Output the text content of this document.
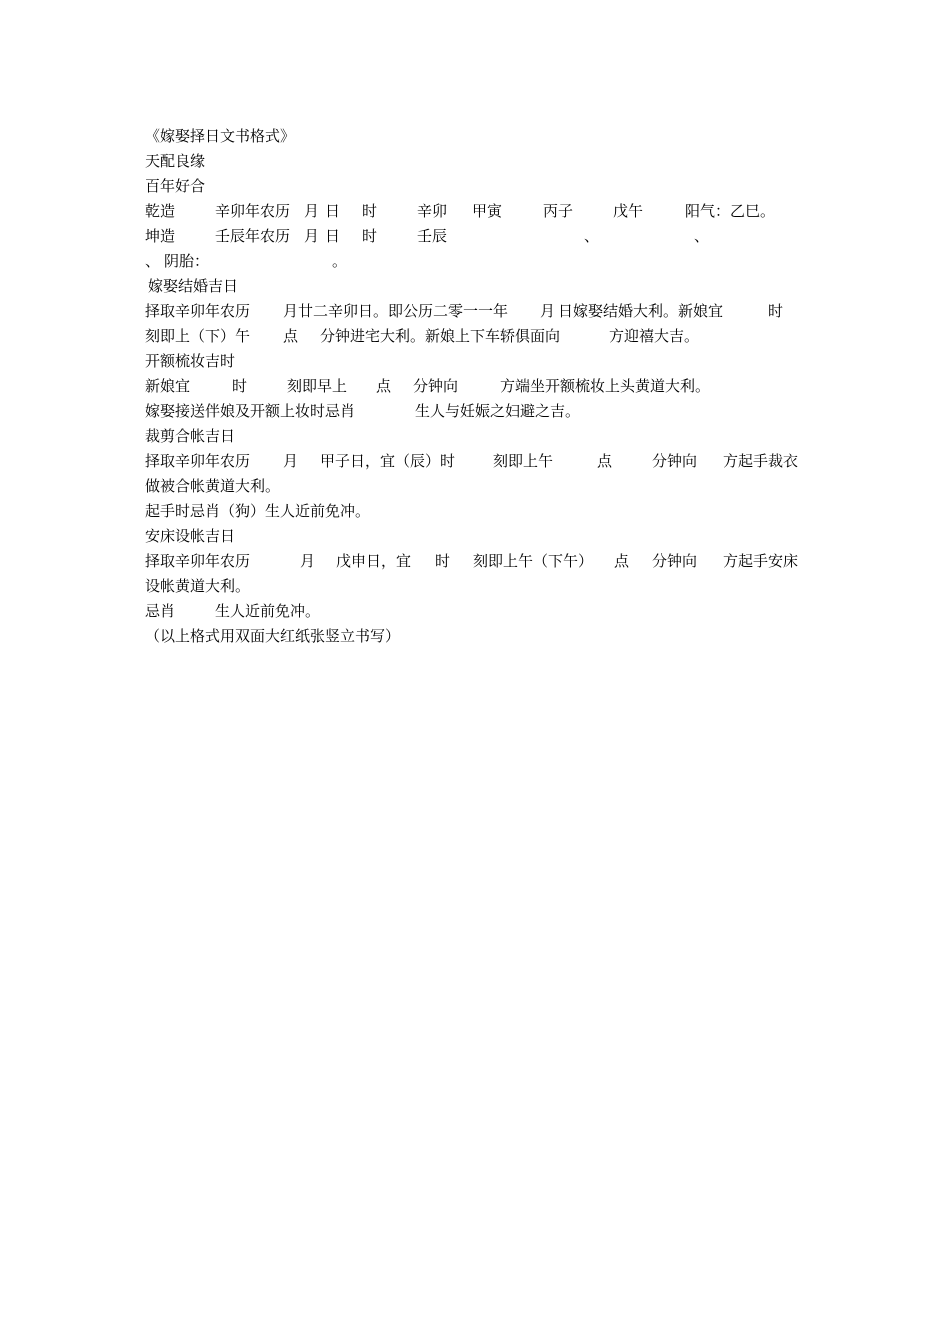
《嫁娶择日文书格式》
天配良缘
百年好合
乾造	辛卯年农历 月 日 时	辛卯 甲寅	丙子	戊午	阳气：乙巳。
坤造	壬辰年农历 月 日 时	壬辰	、	、
、 阴胎：	。
嫁娶结婚吉日
择取辛卯年农历 月廿二辛卯日。即公历二零一一年 月 日嫁娶结婚大利。新娘宜	时
刻即上（下）午 点 分钟进宅大利。新娘上下车轿俱面向	方迎禧大吉。
开额梳妆吉时
新娘宜	时	刻即早上 点 分钟向	方端坐开额梳妆上头黄道大利。
嫁娶接送伴娘及开额上妆时忌肖	生人与妊娠之妇避之吉。
裁剪合帐吉日
择取辛卯年农历 月 甲子日，宜（辰）时	刻即上午	点	分钟向 方起手裁衣
做被合帐黄道大利。
起手时忌肖（狗）生人近前免冲。
安床设帐吉日
择取辛卯年农历	月 戊申日，宜 时 刻即上午（下午） 点 分钟向 方起手安床
设帐黄道大利。
忌肖	生人近前免冲。
（以上格式用双面大红纸张竖立书写）
